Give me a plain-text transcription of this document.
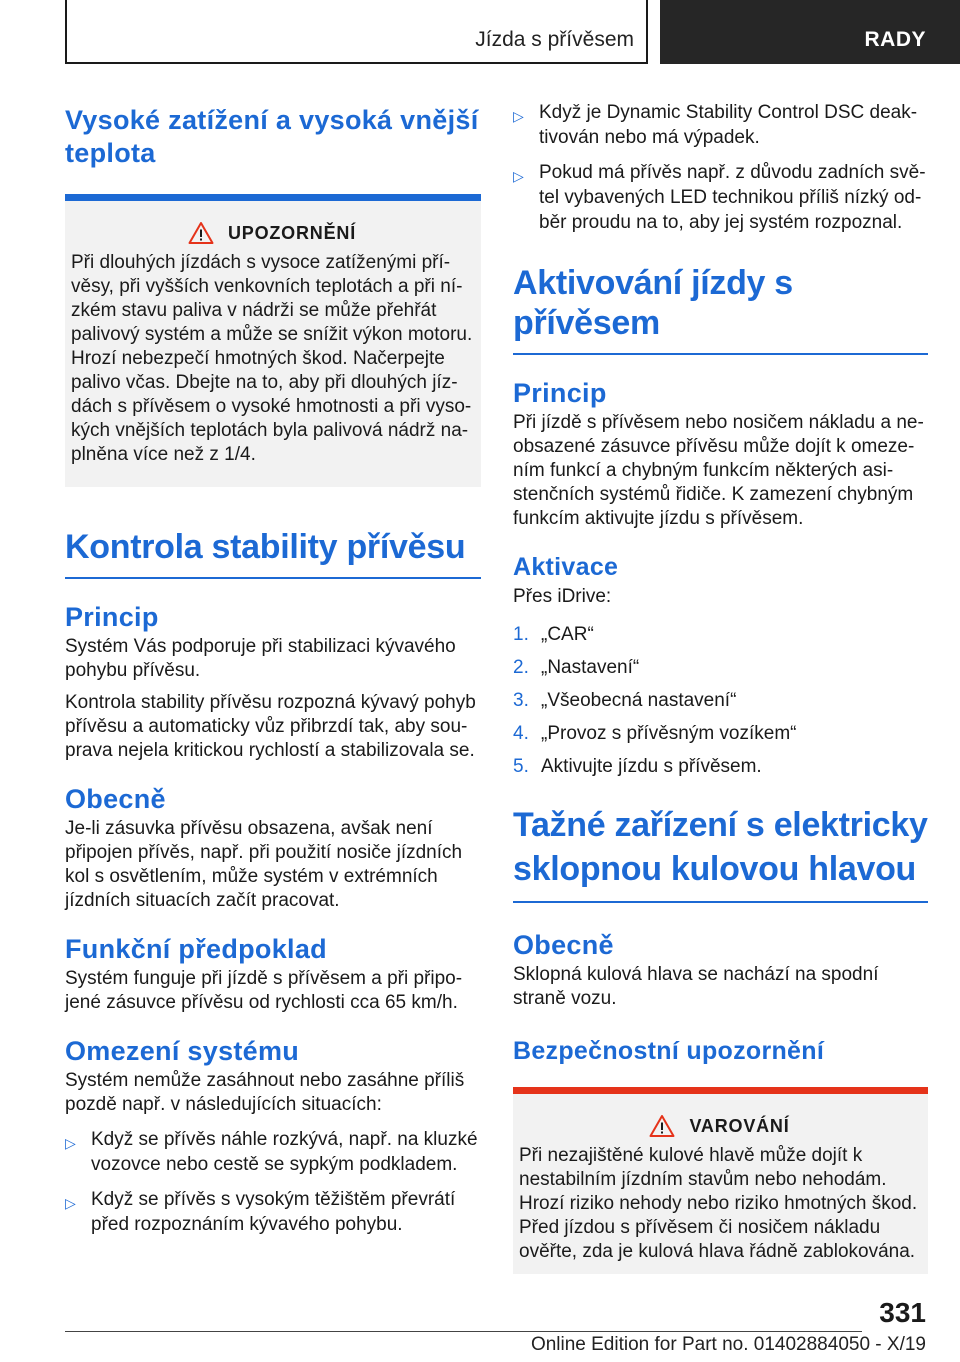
Jízda s přívěsem	RADY
Vysoké zatížení a vysoká vnější teplota
UPOZORNĚNÍ

Při dlouhých jízdách s vysoce zatíženými přívěsy, při vyšších venkovních teplotách a při nízkém stavu paliva v nádrži se může přehřát palivový systém a může se snížit výkon motoru. Hrozí nebezpečí hmotných škod. Načerpejte palivo včas. Dbejte na to, aby při dlouhých jízdách s přívěsem o vysoké hmotnosti a při vysokých vnějších teplotách byla palivová nádrž naplněna více než z 1/4.

Kontrola stability přívěsu
Princip

Systém Vás podporuje při stabilizaci kývavého pohybu přívěsu.

Kontrola stability přívěsu rozpozná kývavý pohyb přívěsu a automaticky vůz přibrzdí tak, aby souprava nejela kritickou rychlostí a stabilizovala se.

Obecně

Je-li zásuvka přívěsu obsazena, avšak není připojen přívěs, např. při použití nosiče jízdních kol s osvětlením, může systém v extrémních jízdních situacích začít pracovat.

Funkční předpoklad

Systém funguje při jízdě s přívěsem a při připojené zásuvce přívěsu od rychlosti cca 65 km/h.

Omezení systému

Systém nemůže zasáhnout nebo zasáhne příliš pozdě např. v následujících situacích:

▷ Když se přívěs náhle rozkývá, např. na kluzké vozovce nebo cestě se sypkým podkladem.
▷ Když se přívěs s vysokým těžištěm převrátí před rozpoznáním kývavého pohybu.
▷ Když je Dynamic Stability Control DSC deaktivován nebo má výpadek.
▷ Pokud má přívěs např. z důvodu zadních světel vybavených LED technikou příliš nízký odběr proudu na to, aby jej systém rozpoznal.
Aktivování jízdy s přívěsem
Princip

Při jízdě s přívěsem nebo nosičem nákladu a neobsazené zásuvce přívěsu může dojít k omezením funkcí a chybným funkcím některých asistenčních systémů řidiče. K zamezení chybným funkcím aktivujte jízdu s přívěsem.

Aktivace

Přes iDrive:

1. „CAR“
2. „Nastavení“
3. „Všeobecná nastavení“
4. „Provoz s přívěsným vozíkem“
5. Aktivujte jízdu s přívěsem.
Tažné zařízení s elektricky sklopnou kulovou hlavou
Obecně

Sklopná kulová hlava se nachází na spodní straně vozu.

Bezpečnostní upozornění
VAROVÁNÍ

Při nezajištěné kulové hlavě může dojít k nestabilním jízdním stavům nebo nehodám. Hrozí riziko nehody nebo riziko hmotných škod. Před jízdou s přívěsem či nosičem nákladu ověřte, zda je kulová hlava řádně zablokována.

331
Online Edition for Part no. 01402884050 - X/19
